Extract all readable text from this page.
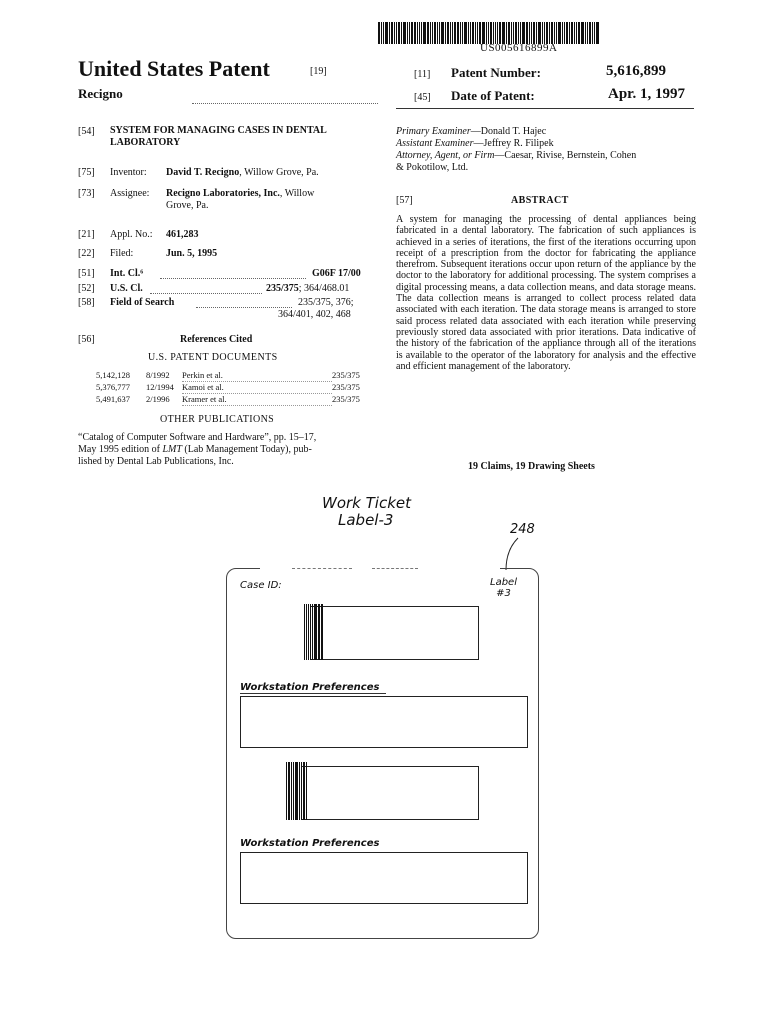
US005616899A
United States Patent	[19]
Recigno
[11] Patent Number:	5,616,899
[45] Date of Patent:	Apr. 1, 1997
[54] SYSTEM FOR MANAGING CASES IN DENTAL LABORATORY
[75] Inventor: David T. Recigno, Willow Grove, Pa.
[73] Assignee: Recigno Laboratories, Inc., Willow
Grove, Pa.
[21] Appl. No.: 461,283
[22] Filed:	Jun. 5, 1995
[51] Int. Cl.⁶	G06F 17/00
[52] U.S. Cl.	235/375; 364/468.01
[58] Field of Search	235/375, 376;
364/401, 402, 468
[56]	References Cited
U.S. PATENT DOCUMENTS
5,142,128	8/1992	Perkin et al.	235/375
5,376,777	12/1994 Kamoi et al.	235/375
5,491,637	2/1996	Kramer et al.	235/375
OTHER PUBLICATIONS
“Catalog of Computer Software and Hardware”, pp. 15–17,
May 1995 edition of LMT (Lab Management Today), pub-
lished by Dental Lab Publications, Inc.
Primary Examiner—Donald T. Hajec
Assistant Examiner—Jeffrey R. Filipek
Attorney, Agent, or Firm—Caesar, Rivise, Bernstein, Cohen
& Pokotilow, Ltd.
[57]	ABSTRACT
A system for managing the processing of dental appliances being fabricated in a dental laboratory. The fabrication of such appliances is achieved in a series of iterations, the first of the iterations occurring upon receipt of a prescription from the doctor for fabricating the appliance therefrom. Subsequent iterations occur upon return of the appliance by the doctor to the laboratory for additional processing. The system comprises a digital processing means, a data collection means, and data storage means. The data collection means is arranged to collect process related data associated with each iteration. The data storage means is arranged to store said process related data associated with each iteration while preserving previously stored data associated with prior iterations. Data indicative of the history of the fabrication of the appliance through all of the iterations is available to the operator of the laboratory for analysis and the effective and efficient management of the laboratory.
19 Claims, 19 Drawing Sheets
Work Ticket
Label-3
248
Case ID:	Label
#3
Workstation Preferences
Workstation Preferences
